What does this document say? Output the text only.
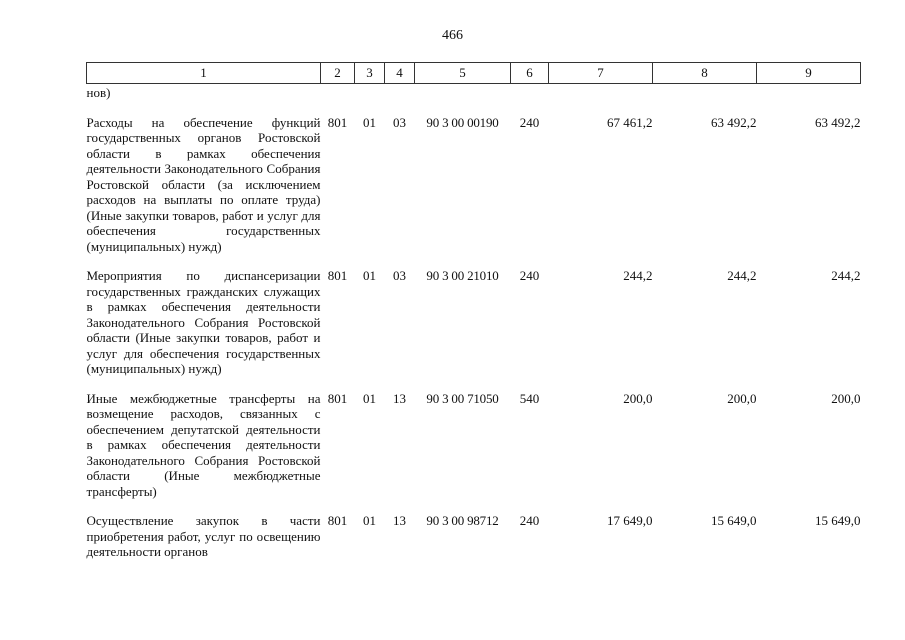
466
1	2	3	4	5	6	7	8	9
нов)								

Расходы на обеспечение функций государственных органов Ростовской области в рамках обеспечения деятельности Законодательного Собрания Ростовской области (за исключением расходов на выплаты по оплате труда) (Иные закупки товаров, работ и услуг для обеспечения государственных (муниципальных) нужд)	801	01	03	90 3 00 00190	240	67 461,2	63 492,2	63 492,2

Мероприятия по диспансеризации государственных гражданских служащих в рамках обеспечения деятельности Законодательного Собрания Ростовской области (Иные закупки товаров, работ и услуг для обеспечения государственных (муниципальных) нужд)	801	01	03	90 3 00 21010	240	244,2	244,2	244,2

Иные межбюджетные трансферты на возмещение расходов, связанных с обеспечением депутатской деятельности в рамках обеспечения деятельности Законодательного Собрания Ростовской области (Иные межбюджетные трансферты)	801	01	13	90 3 00 71050	540	200,0	200,0	200,0

Осуществление закупок в части приобретения работ, услуг по освещению деятельности органов	801	01	13	90 3 00 98712	240	17 649,0	15 649,0	15 649,0
